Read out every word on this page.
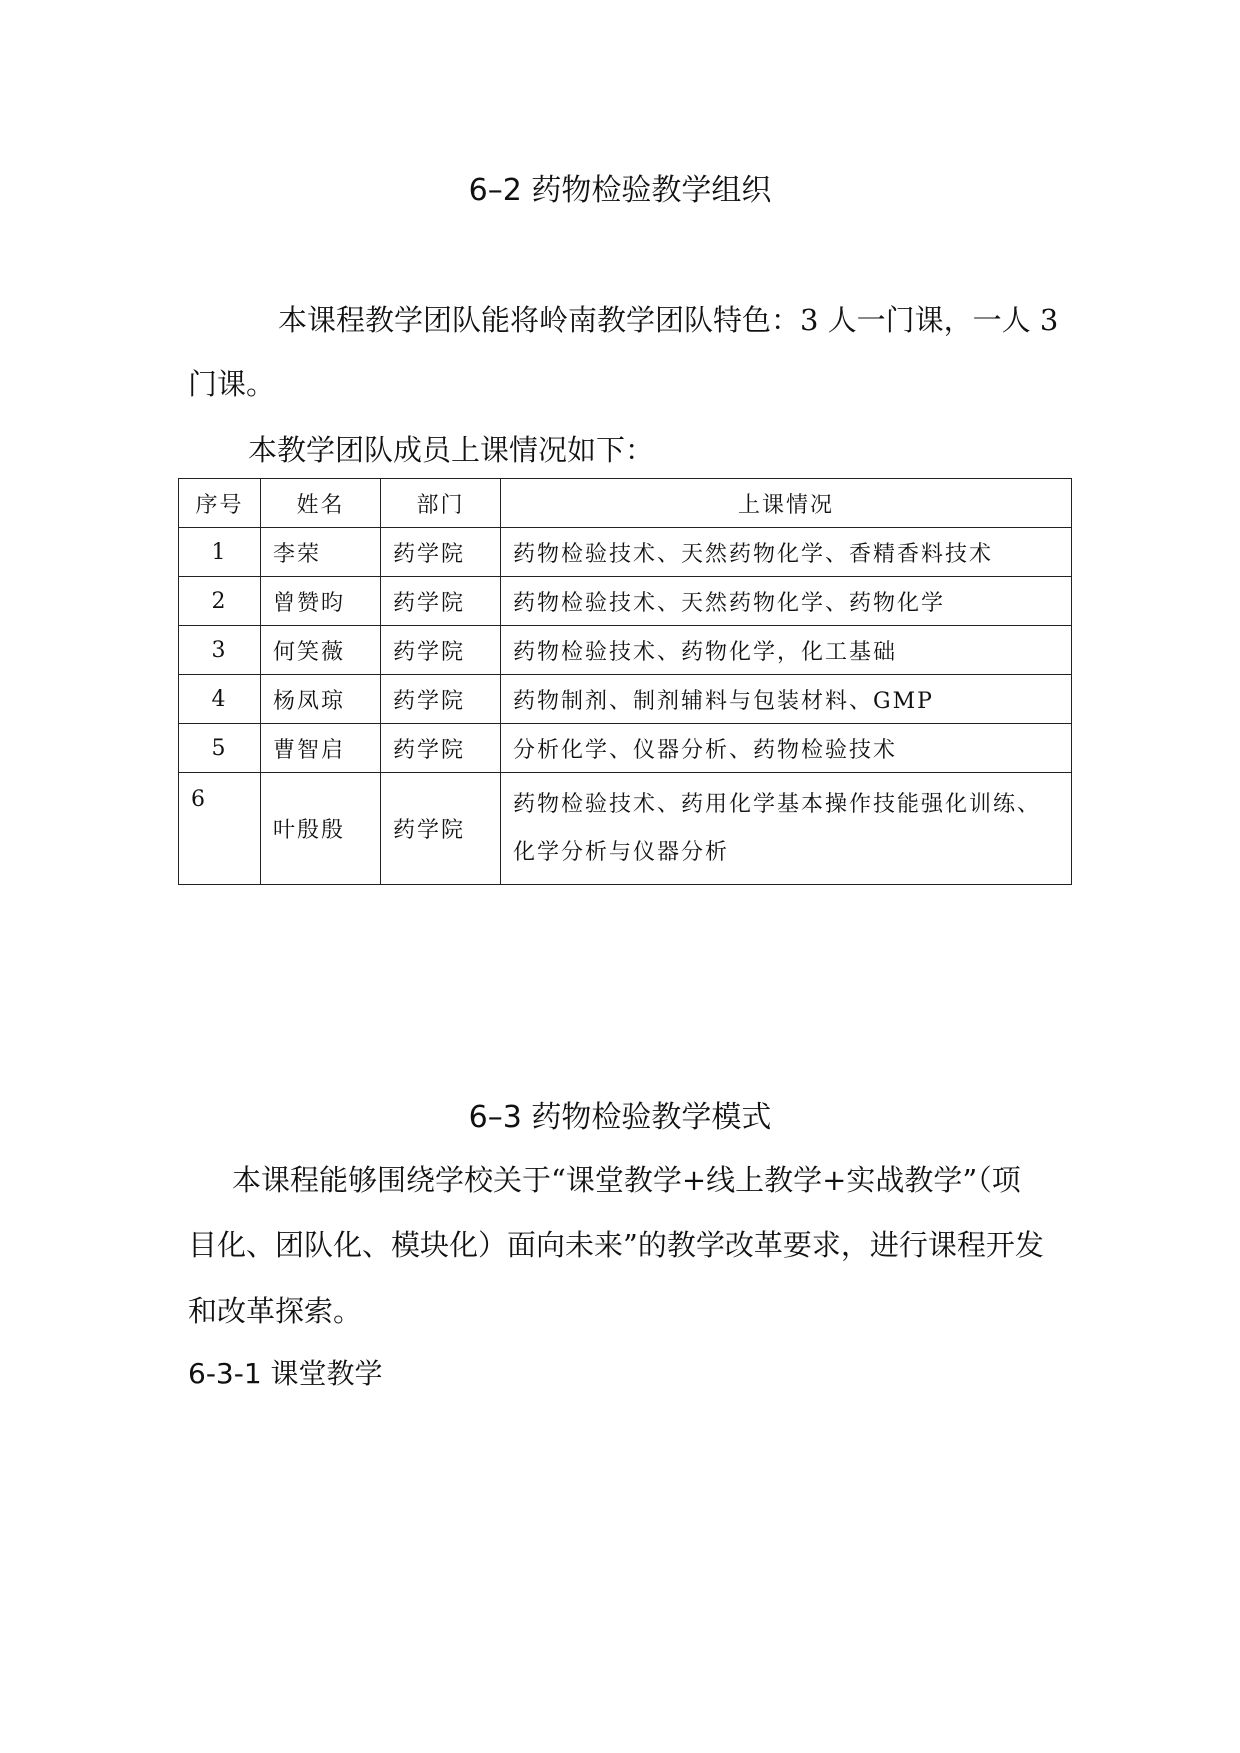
6–2 药物检验教学组织
本课程教学团队能将岭南教学团队特色：3 人一门课，一人 3
门课。
本教学团队成员上课情况如下：
序号	姓名	部门	上课情况
1	李荣	药学院	药物检验技术、天然药物化学、香精香料技术
2	曾赞昀	药学院	药物检验技术、天然药物化学、药物化学
3	何笑薇	药学院	药物检验技术、药物化学，化工基础
4	杨凤琼	药学院	药物制剂、制剂辅料与包装材料、GMP
5	曹智启	药学院	分析化学、仪器分析、药物检验技术
6	叶殷殷	药学院	药物检验技术、药用化学基本操作技能强化训练、
化学分析与仪器分析
6–3 药物检验教学模式
本课程能够围绕学校关于“课堂教学+线上教学+实战教学”（项
目化、团队化、模块化）面向未来”的教学改革要求，进行课程开发
和改革探索。
6-3-1 课堂教学
